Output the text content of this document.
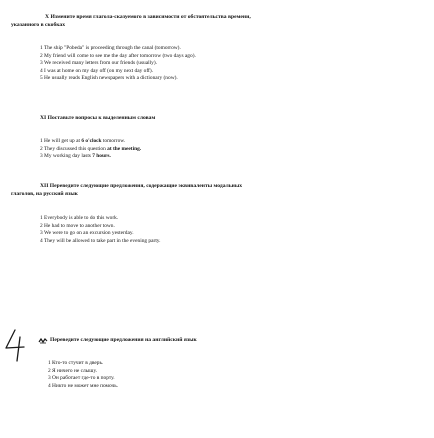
X Измените время глагола-сказуемого в зависимости от обстоятельства времени,
указанного в скобках
1 The ship "Pobeda" is proceeding through the canal (tomorrow).
2 My friend will come to see me the day after tomorrow (two days ago).
3 We received many letters from our friends (usually).
4 I was at home on my day off (on my next day off).
5 He usually reads English newspapers with a dictionary (now).
XI Поставьте вопросы к выделенным словам
1 He will get up at 6 o'clock tomorrow.
2 They discussed this question at the meeting.
3 My working day lasts 7 hours.
XII Переведите следующие предложения, содержащие эквиваленты модальных
глаголов, на русский язык
1 Everybody is able to do this work.
2 He had to move to another town.
3 We were to go on an excursion yesterday.
4 They will be allowed to take part in the evening party.
Переведите следующие предложения на английский язык
1 Кто-то стучит в дверь.
2 Я ничего не слышу.
3 Он работает где-то в порту.
4 Никто не может мне помочь.
